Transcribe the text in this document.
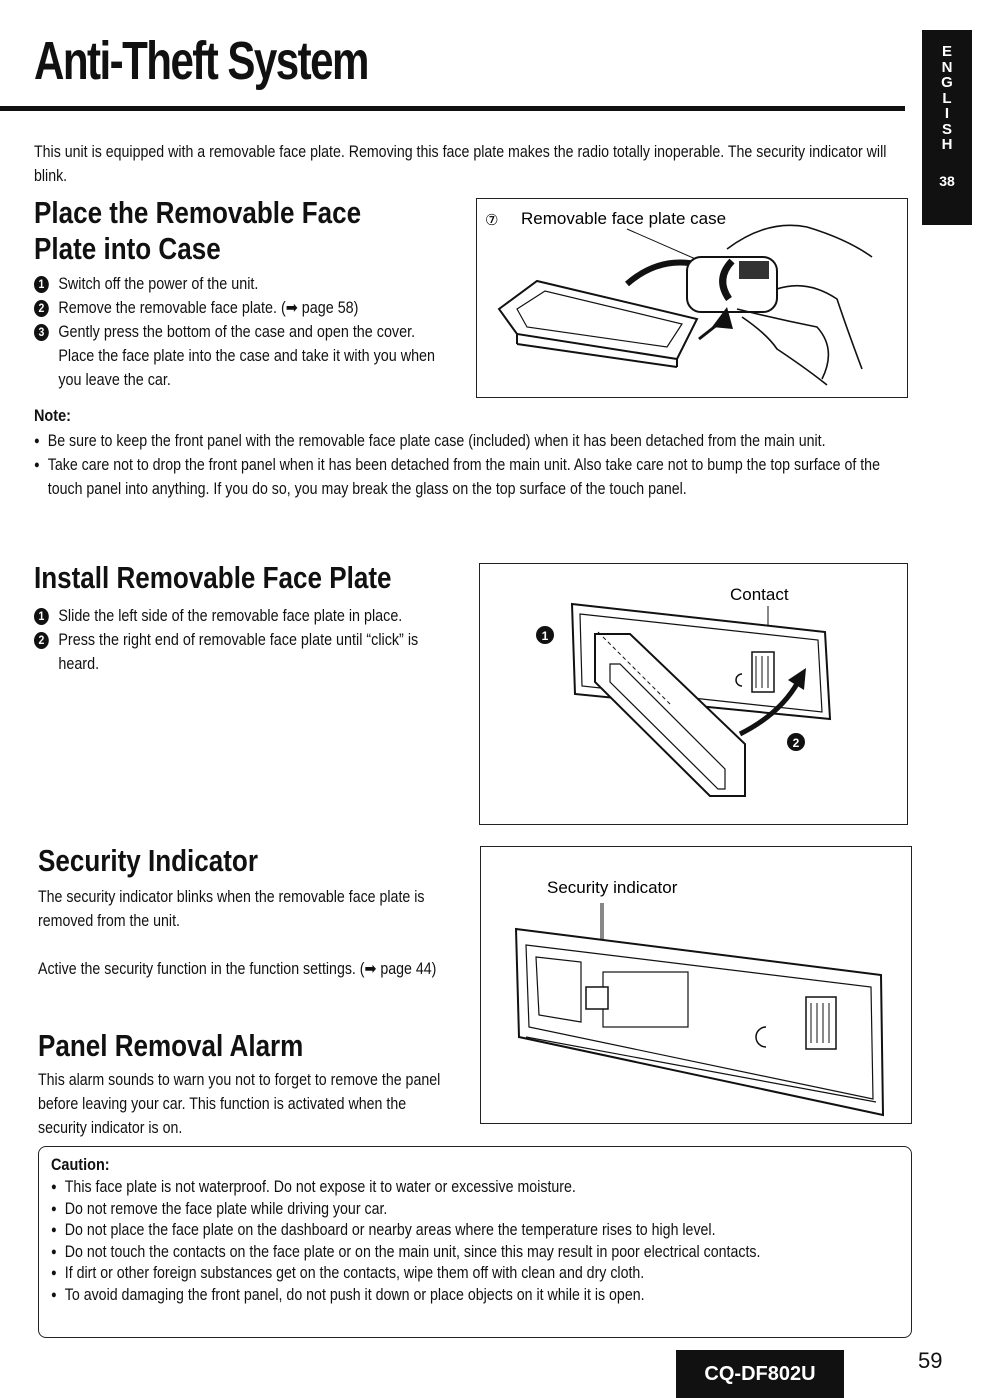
Anti-Theft System	E
N
G
L
I
S
H
38
This unit is equipped with a removable face plate. Removing this face plate makes the radio totally inoperable. The security indicator will blink.
Place the Removable Face
Plate into Case
1 Switch off the power of the unit.
2 Remove the removable face plate. (➡ page 58)
3 Gently press the bottom of the case and open the cover. Place the face plate into the case and take it with you when you leave the car.
⑦ Removable face plate case
Note:
● Be sure to keep the front panel with the removable face plate case (included) when it has been detached from the main unit.
● Take care not to drop the front panel when it has been detached from the main unit. Also take care not to bump the top surface of the touch panel into anything. If you do so, you may break the glass on the top surface of the touch panel.
Install Removable Face Plate
1 Slide the left side of the removable face plate in place.
2 Press the right end of removable face plate until “click” is heard.
Contact
1
2
Security Indicator
The security indicator blinks when the removable face plate is removed from the unit.
Active the security function in the function settings. (➡ page 44)
Security indicator
Panel Removal Alarm
This alarm sounds to warn you not to forget to remove the panel before leaving your car. This function is activated when the security indicator is on.
Caution:
● This face plate is not waterproof. Do not expose it to water or excessive moisture.
● Do not remove the face plate while driving your car.
● Do not place the face plate on the dashboard or nearby areas where the temperature rises to high level.
● Do not touch the contacts on the face plate or on the main unit, since this may result in poor electrical contacts.
● If dirt or other foreign substances get on the contacts, wipe them off with clean and dry cloth.
● To avoid damaging the front panel, do not push it down or place objects on it while it is open.
CQ-DF802U
59
